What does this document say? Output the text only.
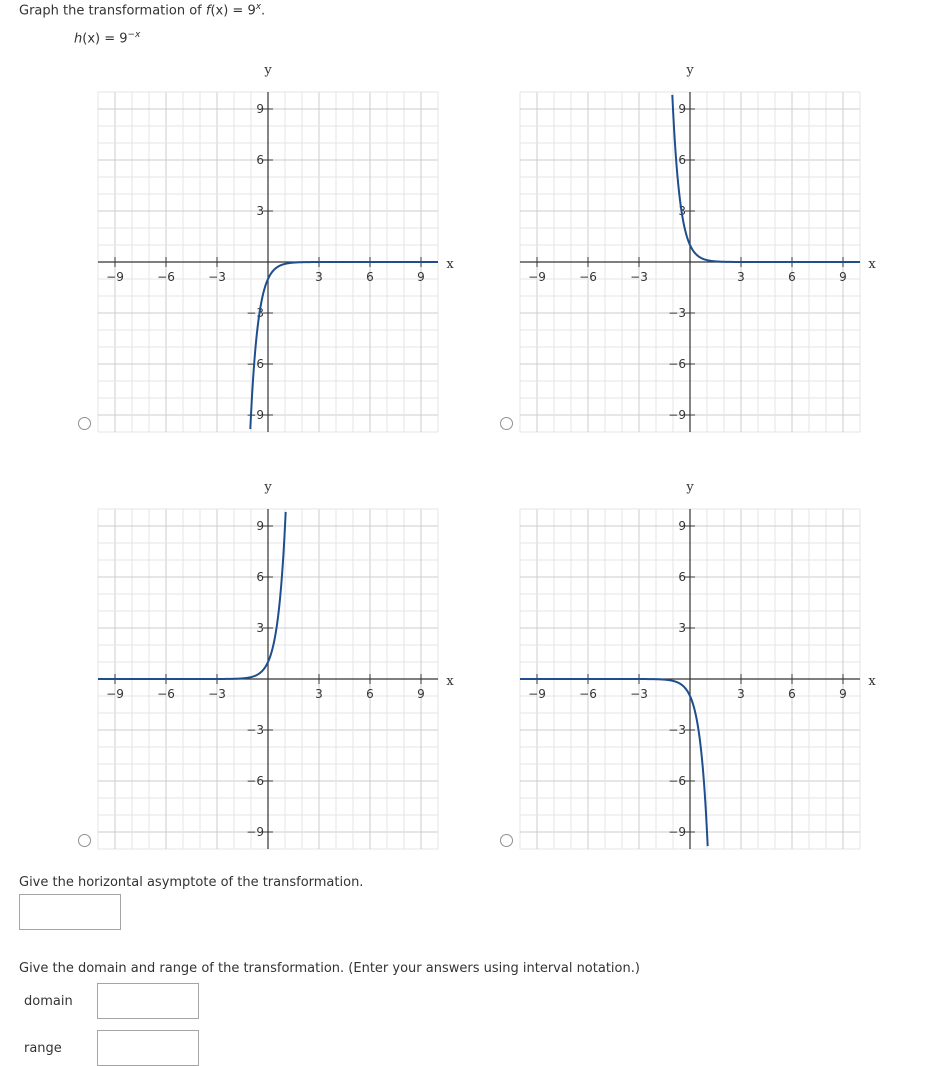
Graph the transformation of $f(x) = 9^x$.
$h(x) = 9^{-x}$
−9	−6	−3	3	6	9
9
6
3
−3
−6
−9
x
y
−9	−6	−3	3	6	9
9
6
3
−3
−6
−9
x
y
−9	−6	−3	3	6	9
9
6
3
−3
−6
−9
x
y
−9	−6	−3	3	6	9
9
6
3
−3
−6
−9
x
y
Give the horizontal asymptote of the transformation.
Give the domain and range of the transformation. (Enter your answers using interval notation.)
domain
range
